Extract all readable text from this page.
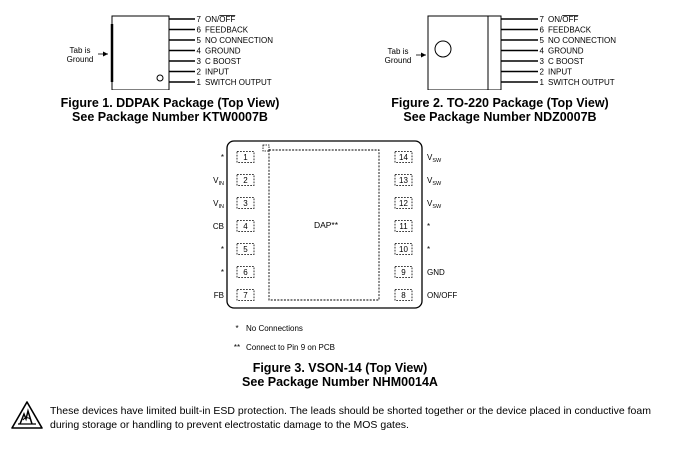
Tab is
Ground
7 ON/OFF
6 FEEDBACK
5 NO CONNECTION
4 GROUND
3 C BOOST
2 INPUT
1 SWITCH OUTPUT
Figure 1. DDPAK Package (Top View)
See Package Number KTW0007B
Tab is
Ground
7 ON/OFF
6 FEEDBACK
5 NO CONNECTION
4 GROUND
3 C BOOST
2 INPUT
1 SWITCH OUTPUT
Figure 2. TO-220 Package (Top View)
See Package Number NDZ0007B
DAP**
1
*
2
$V_{IN}$
3
$V_{IN}$
4
CB
5
*
6
*
7
FB
14 $V_{SW}$
13 $V_{SW}$
12 $V_{SW}$
11 *
10 *
9	GND
8	ON/OFF
* No Connections
** Connect to Pin 9 on PCB
Figure 3. VSON-14 (Top View)
See Package Number NHM0014A
These devices have limited built-in ESD protection. The leads should be shorted together or the device placed in conductive foam
during storage or handling to prevent electrostatic damage to the MOS gates.
